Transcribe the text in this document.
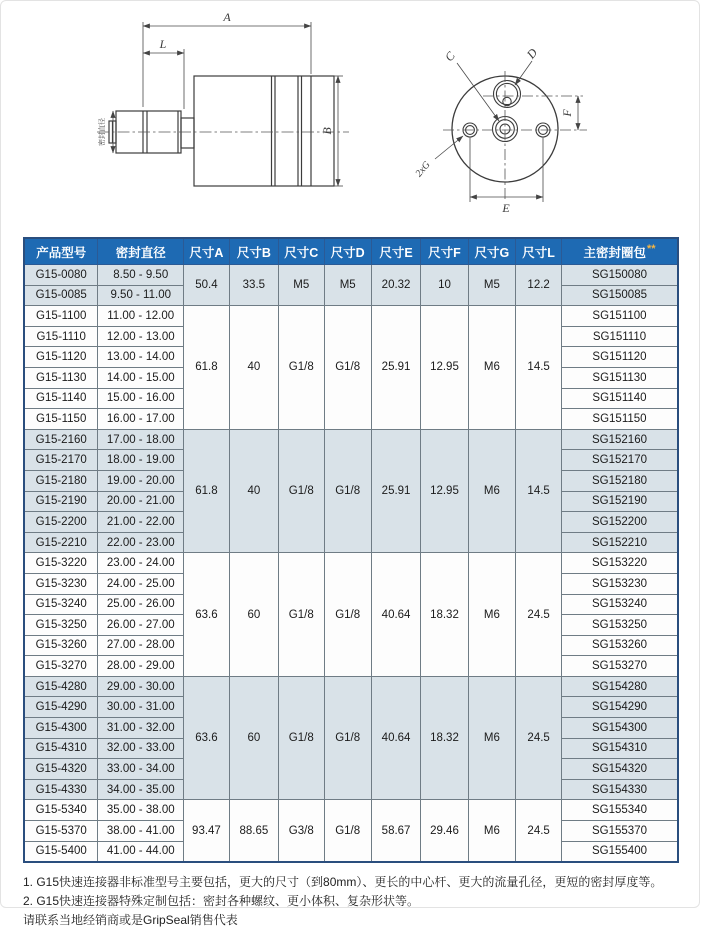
A
L
B
密封直径
C	D
2xG
E
F
产品型号	密封直径	尺寸A	尺寸B	尺寸C	尺寸D	尺寸E	尺寸F	尺寸G	尺寸L	主密封圈包**
G15-0080	8.50 - 9.50	50.4	33.5	M5	M5	20.32	10	M5	12.2	SG150080
G15-0085	9.50 - 11.00									SG150085
G15-1100	11.00 - 12.00	61.8	40	G1/8	G1/8	25.91	12.95	M6	14.5	SG151100
G15-1110	12.00 - 13.00									SG151110
G15-1120	13.00 - 14.00									SG151120
G15-1130	14.00 - 15.00									SG151130
G15-1140	15.00 - 16.00									SG151140
G15-1150	16.00 - 17.00									SG151150
G15-2160	17.00 - 18.00	61.8	40	G1/8	G1/8	25.91	12.95	M6	14.5	SG152160
G15-2170	18.00 - 19.00									SG152170
G15-2180	19.00 - 20.00									SG152180
G15-2190	20.00 - 21.00									SG152190
G15-2200	21.00 - 22.00									SG152200
G15-2210	22.00 - 23.00									SG152210
G15-3220	23.00 - 24.00	63.6	60	G1/8	G1/8	40.64	18.32	M6	24.5	SG153220
G15-3230	24.00 - 25.00									SG153230
G15-3240	25.00 - 26.00									SG153240
G15-3250	26.00 - 27.00									SG153250
G15-3260	27.00 - 28.00									SG153260
G15-3270	28.00 - 29.00									SG153270
G15-4280	29.00 - 30.00	63.6	60	G1/8	G1/8	40.64	18.32	M6	24.5	SG154280
G15-4290	30.00 - 31.00									SG154290
G15-4300	31.00 - 32.00									SG154300
G15-4310	32.00 - 33.00									SG154310
G15-4320	33.00 - 34.00									SG154320
G15-4330	34.00 - 35.00									SG154330
G15-5340	35.00 - 38.00	93.47	88.65	G3/8	G1/8	58.67	29.46	M6	24.5	SG155340
G15-5370	38.00 - 41.00									SG155370
G15-5400	41.00 - 44.00									SG155400

1. G15快速连接器非标准型号主要包括，更大的尺寸（到80mm）、更长的中心杆、更大的流量孔径，更短的密封厚度等。

2. G15快速连接器特殊定制包括：密封各种螺纹、更小体积、复杂形状等。

请联系当地经销商或是GripSeal销售代表
